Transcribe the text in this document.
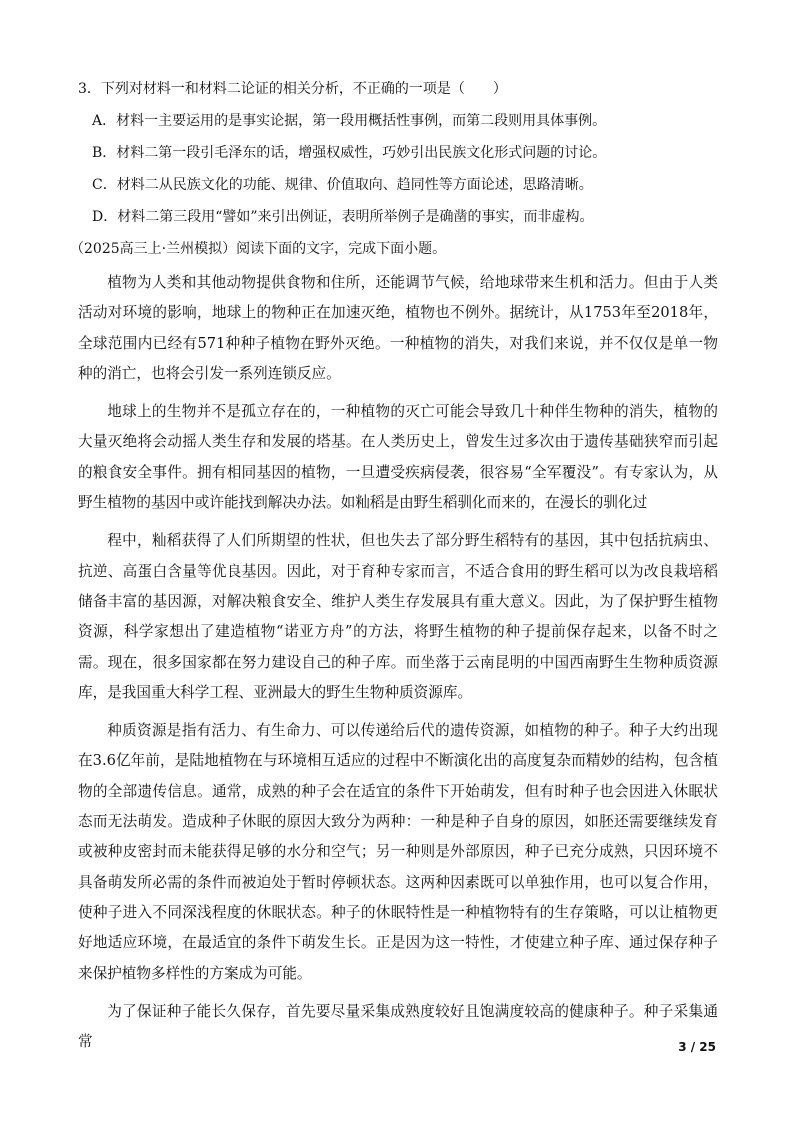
3．下列对材料一和材料二论证的相关分析，不正确的一项是（　　）

A．材料一主要运用的是事实论据，第一段用概括性事例，而第二段则用具体事例。

B．材料二第一段引毛泽东的话，增强权威性，巧妙引出民族文化形式问题的讨论。

C．材料二从民族文化的功能、规律、价值取向、趋同性等方面论述，思路清晰。

D．材料二第三段用“譬如”来引出例证，表明所举例子是确凿的事实，而非虚构。

（2025高三上·兰州模拟）阅读下面的文字，完成下面小题。

植物为人类和其他动物提供食物和住所，还能调节气候，给地球带来生机和活力。但由于人类活动对环境的影响，地球上的物种正在加速灭绝，植物也不例外。据统计，从1753年至2018年，全球范围内已经有571种种子植物在野外灭绝。一种植物的消失，对我们来说，并不仅仅是单一物种的消亡，也将会引发一系列连锁反应。

地球上的生物并不是孤立存在的，一种植物的灭亡可能会导致几十种伴生物种的消失，植物的大量灭绝将会动摇人类生存和发展的塔基。在人类历史上，曾发生过多次由于遗传基础狭窄而引起的粮食安全事件。拥有相同基因的植物，一旦遭受疾病侵袭，很容易“全军覆没”。有专家认为，从野生植物的基因中或许能找到解决办法。如籼稻是由野生稻驯化而来的，在漫长的驯化过

程中，籼稻获得了人们所期望的性状，但也失去了部分野生稻特有的基因，其中包括抗病虫、抗逆、高蛋白含量等优良基因。因此，对于育种专家而言，不适合食用的野生稻可以为改良栽培稻储备丰富的基因源，对解决粮食安全、维护人类生存发展具有重大意义。因此，为了保护野生植物资源，科学家想出了建造植物“诺亚方舟”的方法，将野生植物的种子提前保存起来，以备不时之需。现在，很多国家都在努力建设自己的种子库。而坐落于云南昆明的中国西南野生生物种质资源库，是我国重大科学工程、亚洲最大的野生生物种质资源库。

种质资源是指有活力、有生命力、可以传递给后代的遗传资源，如植物的种子。种子大约出现在3.6亿年前，是陆地植物在与环境相互适应的过程中不断演化出的高度复杂而精妙的结构，包含植物的全部遗传信息。通常，成熟的种子会在适宜的条件下开始萌发，但有时种子也会因进入休眠状态而无法萌发。造成种子休眠的原因大致分为两种：一种是种子自身的原因，如胚还需要继续发育或被种皮密封而未能获得足够的水分和空气；另一种则是外部原因，种子已充分成熟，只因环境不具备萌发所必需的条件而被迫处于暂时停顿状态。这两种因素既可以单独作用，也可以复合作用，使种子进入不同深浅程度的休眠状态。种子的休眠特性是一种植物特有的生存策略，可以让植物更好地适应环境，在最适宜的条件下萌发生长。正是因为这一特性，才使建立种子库、通过保存种子来保护植物多样性的方案成为可能。

为了保证种子能长久保存，首先要尽量采集成熟度较好且饱满度较高的健康种子。种子采集通常	3 / 25
